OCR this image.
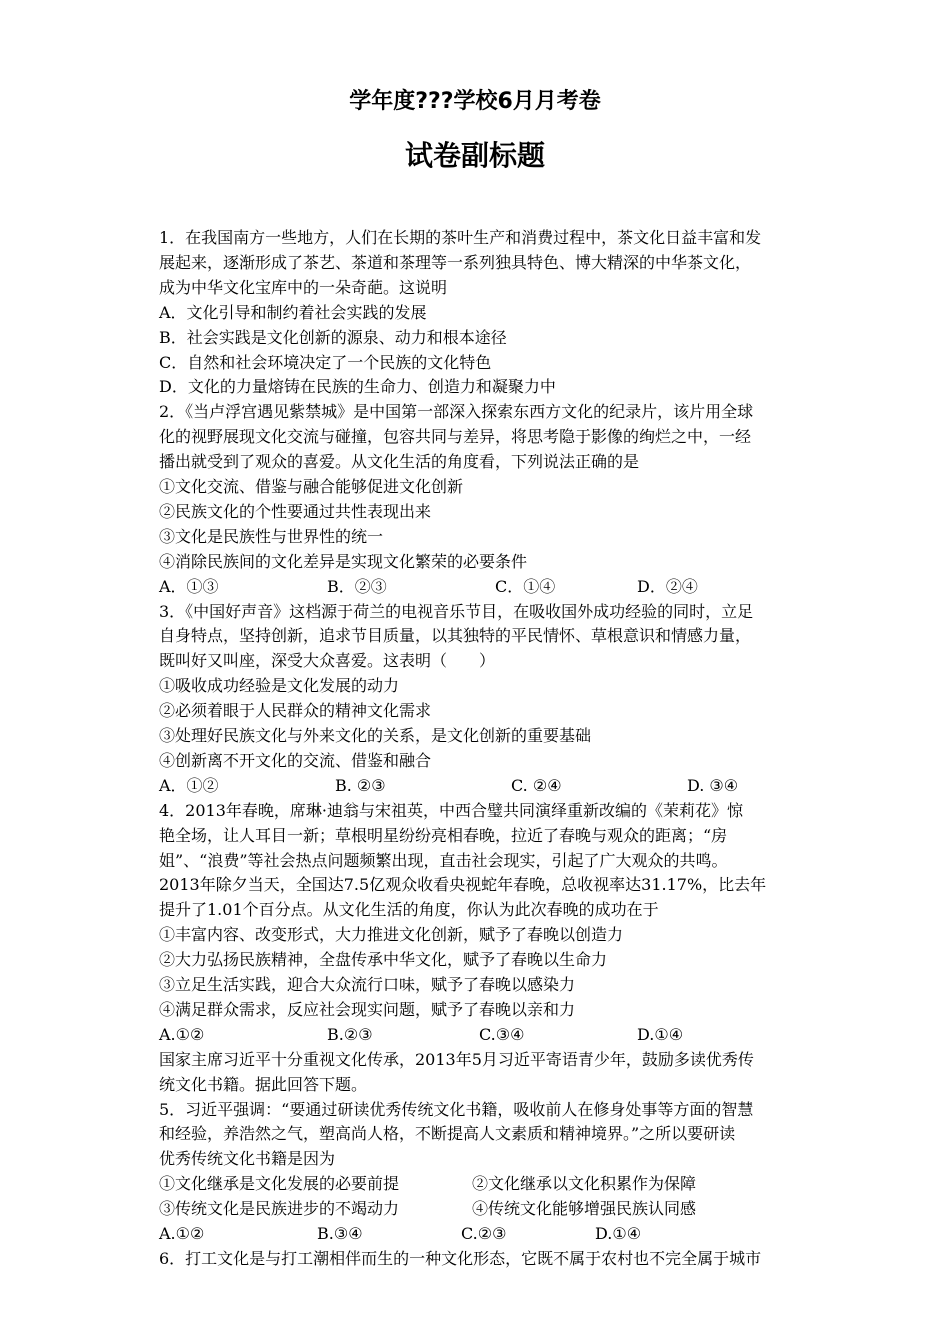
学年度???学校6月月考卷
试卷副标题
1．在我国南方一些地方，人们在长期的茶叶生产和消费过程中，茶文化日益丰富和发
展起来，逐渐形成了茶艺、茶道和茶理等一系列独具特色、博大精深的中华茶文化，
成为中华文化宝库中的一朵奇葩。这说明
A．文化引导和制约着社会实践的发展
B．社会实践是文化创新的源泉、动力和根本途径
C．自然和社会环境决定了一个民族的文化特色
D．文化的力量熔铸在民族的生命力、创造力和凝聚力中
2．《当卢浮宫遇见紫禁城》是中国第一部深入探索东西方文化的纪录片，该片用全球
化的视野展现文化交流与碰撞，包容共同与差异，将思考隐于影像的绚烂之中，一经
播出就受到了观众的喜爱。从文化生活的角度看，下列说法正确的是
①文化交流、借鉴与融合能够促进文化创新
②民族文化的个性要通过共性表现出来
③文化是民族性与世界性的统一
④消除民族间的文化差异是实现文化繁荣的必要条件
3．《中国好声音》这档源于荷兰的电视音乐节目，在吸收国外成功经验的同时，立足
自身特点，坚持创新，追求节目质量，以其独特的平民情怀、草根意识和情感力量，
既叫好又叫座，深受大众喜爱。这表明（　　）
①吸收成功经验是文化发展的动力
②必须着眼于人民群众的精神文化需求
③处理好民族文化与外来文化的关系，是文化创新的重要基础
④创新离不开文化的交流、借鉴和融合
4．2013年春晚，席琳·迪翁与宋祖英，中西合璧共同演绎重新改编的《茉莉花》惊
艳全场，让人耳目一新；草根明星纷纷亮相春晚，拉近了春晚与观众的距离；“房
姐”、“浪费”等社会热点问题频繁出现，直击社会现实，引起了广大观众的共鸣。
2013年除夕当天，全国达7.5亿观众收看央视蛇年春晚，总收视率达31.17%，比去年
提升了1.01个百分点。从文化生活的角度，你认为此次春晚的成功在于
①丰富内容、改变形式，大力推进文化创新，赋予了春晚以创造力
②大力弘扬民族精神，全盘传承中华文化，赋予了春晚以生命力
③立足生活实践，迎合大众流行口味，赋予了春晚以感染力
④满足群众需求，反应社会现实问题，赋予了春晚以亲和力
国家主席习近平十分重视文化传承，2013年5月习近平寄语青少年，鼓励多读优秀传
统文化书籍。据此回答下题。
5．习近平强调：“要通过研读优秀传统文化书籍，吸收前人在修身处事等方面的智慧
和经验，养浩然之气，塑高尚人格，不断提高人文素质和精神境界。”之所以要研读
优秀传统文化书籍是因为
6．打工文化是与打工潮相伴而生的一种文化形态，它既不属于农村也不完全属于城市
A．①③	B．②③	C．①④	D．②④
A．①②	B. ②③	C. ②④	D. ③④
A.①②	B.②③	C.③④	D.①④
①文化继承是文化发展的必要前提	②文化继承以文化积累作为保障
③传统文化是民族进步的不竭动力	④传统文化能够增强民族认同感
A.①②	B.③④	C.②③	D.①④
